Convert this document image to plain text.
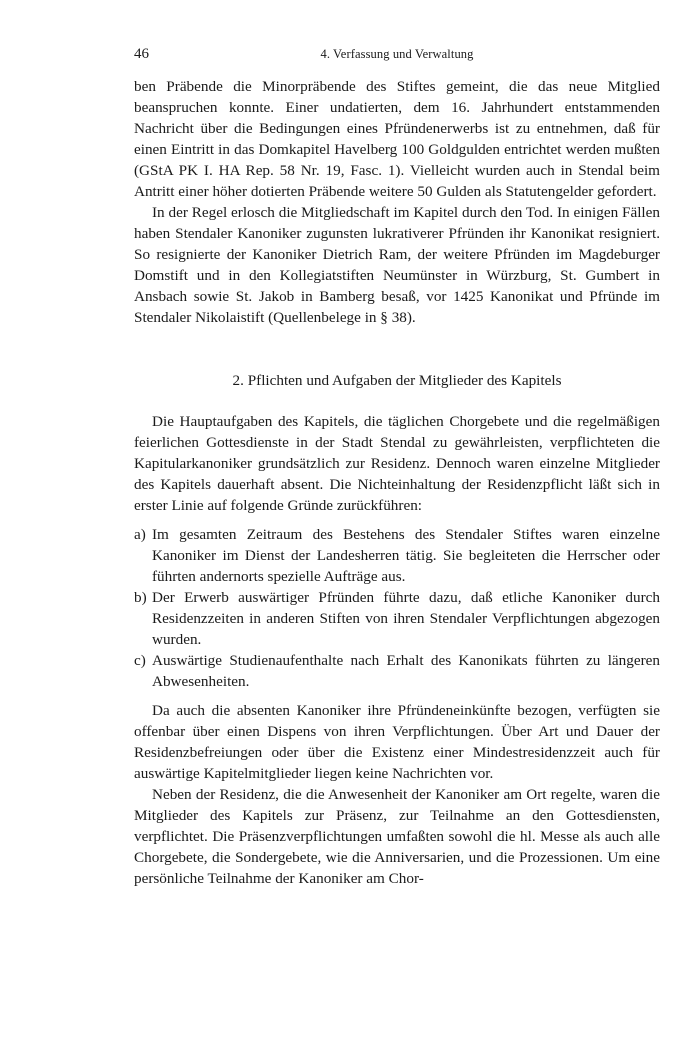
46	4. Verfassung und Verwaltung

ben Präbende die Minorpräbende des Stiftes gemeint, die das neue Mitglied beanspruchen konnte. Einer undatierten, dem 16. Jahrhundert entstammenden Nachricht über die Bedingungen eines Pfründenerwerbs ist zu entnehmen, daß für einen Eintritt in das Domkapitel Havelberg 100 Goldgulden entrichtet werden mußten (GStA PK I. HA Rep. 58 Nr. 19, Fasc. 1). Vielleicht wurden auch in Stendal beim Antritt einer höher dotierten Präbende weitere 50 Gulden als Statutengelder gefordert.

In der Regel erlosch die Mitgliedschaft im Kapitel durch den Tod. In einigen Fällen haben Stendaler Kanoniker zugunsten lukrativerer Pfründen ihr Kanonikat resigniert. So resignierte der Kanoniker Dietrich Ram, der weitere Pfründen im Magdeburger Domstift und in den Kollegiatstiften Neumünster in Würzburg, St. Gumbert in Ansbach sowie St. Jakob in Bamberg besaß, vor 1425 Kanonikat und Pfründe im Stendaler Nikolaistift (Quellenbelege in § 38).

2. Pflichten und Aufgaben der Mitglieder des Kapitels

Die Hauptaufgaben des Kapitels, die täglichen Chorgebete und die regelmäßigen feierlichen Gottesdienste in der Stadt Stendal zu gewährleisten, verpflichteten die Kapitularkanoniker grundsätzlich zur Residenz. Dennoch waren einzelne Mitglieder des Kapitels dauerhaft absent. Die Nichteinhaltung der Residenzpflicht läßt sich in erster Linie auf folgende Gründe zurückführen:

a) Im gesamten Zeitraum des Bestehens des Stendaler Stiftes waren einzelne Kanoniker im Dienst der Landesherren tätig. Sie begleiteten die Herrscher oder führten andernorts spezielle Aufträge aus.
b) Der Erwerb auswärtiger Pfründen führte dazu, daß etliche Kanoniker durch Residenzzeiten in anderen Stiften von ihren Stendaler Verpflichtungen abgezogen wurden.
c) Auswärtige Studienaufenthalte nach Erhalt des Kanonikats führten zu längeren Abwesenheiten.

Da auch die absenten Kanoniker ihre Pfründeneinkünfte bezogen, verfügten sie offenbar über einen Dispens von ihren Verpflichtungen. Über Art und Dauer der Residenzbefreiungen oder über die Existenz einer Mindestresidenzzeit auch für auswärtige Kapitelmitglieder liegen keine Nachrichten vor.

Neben der Residenz, die die Anwesenheit der Kanoniker am Ort regelte, waren die Mitglieder des Kapitels zur Präsenz, zur Teilnahme an den Gottesdiensten, verpflichtet. Die Präsenzverpflichtungen umfaßten sowohl die hl. Messe als auch alle Chorgebete, die Sondergebete, wie die Anniversarien, und die Prozessionen. Um eine persönliche Teilnahme der Kanoniker am Chor-
